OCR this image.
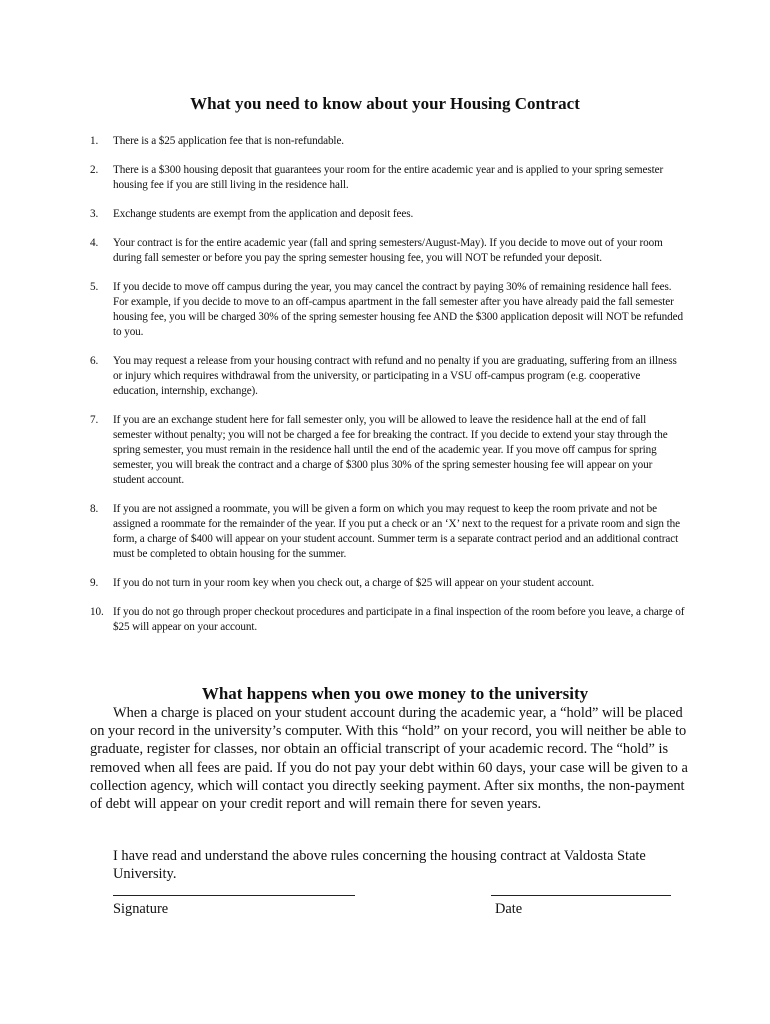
What you need to know about your Housing Contract
1.	There is a $25 application fee that is non-refundable.
2.	There is a $300 housing deposit that guarantees your room for the entire academic year and is applied to your spring semester housing fee if you are still living in the residence hall.
3.	Exchange students are exempt from the application and deposit fees.
4.	Your contract is for the entire academic year (fall and spring semesters/August-May). If you decide to move out of your room during fall semester or before you pay the spring semester housing fee, you will NOT be refunded your deposit.
5.	If you decide to move off campus during the year, you may cancel the contract by paying 30% of remaining residence hall fees. For example, if you decide to move to an off-campus apartment in the fall semester after you have already paid the fall semester housing fee, you will be charged 30% of the spring semester housing fee AND the $300 application deposit will NOT be refunded to you.
6.	You may request a release from your housing contract with refund and no penalty if you are graduating, suffering from an illness or injury which requires withdrawal from the university, or participating in a VSU off-campus program (e.g. cooperative education, internship, exchange).
7.	If you are an exchange student here for fall semester only, you will be allowed to leave the residence hall at the end of fall semester without penalty; you will not be charged a fee for breaking the contract. If you decide to extend your stay through the spring semester, you must remain in the residence hall until the end of the academic year. If you move off campus for spring semester, you will break the contract and a charge of $300 plus 30% of the spring semester housing fee will appear on your student account.
8.	If you are not assigned a roommate, you will be given a form on which you may request to keep the room private and not be assigned a roommate for the remainder of the year. If you put a check or an ‘X’ next to the request for a private room and sign the form, a charge of $400 will appear on your student account. Summer term is a separate contract period and an additional contract must be completed to obtain housing for the summer.
9.	If you do not turn in your room key when you check out, a charge of $25 will appear on your student account.
10. If you do not go through proper checkout procedures and participate in a final inspection of the room before you leave, a charge of $25 will appear on your account.
What happens when you owe money to the university

When a charge is placed on your student account during the academic year, a “hold” will be placed on your record in the university’s computer. With this “hold” on your record, you will neither be able to graduate, register for classes, nor obtain an official transcript of your academic record. The “hold” is removed when all fees are paid. If you do not pay your debt within 60 days, your case will be given to a collection agency, which will contact you directly seeking payment. After six months, the non-payment of debt will appear on your credit report and will remain there for seven years.

I have read and understand the above rules concerning the housing contract at Valdosta State University.

Signature	Date
